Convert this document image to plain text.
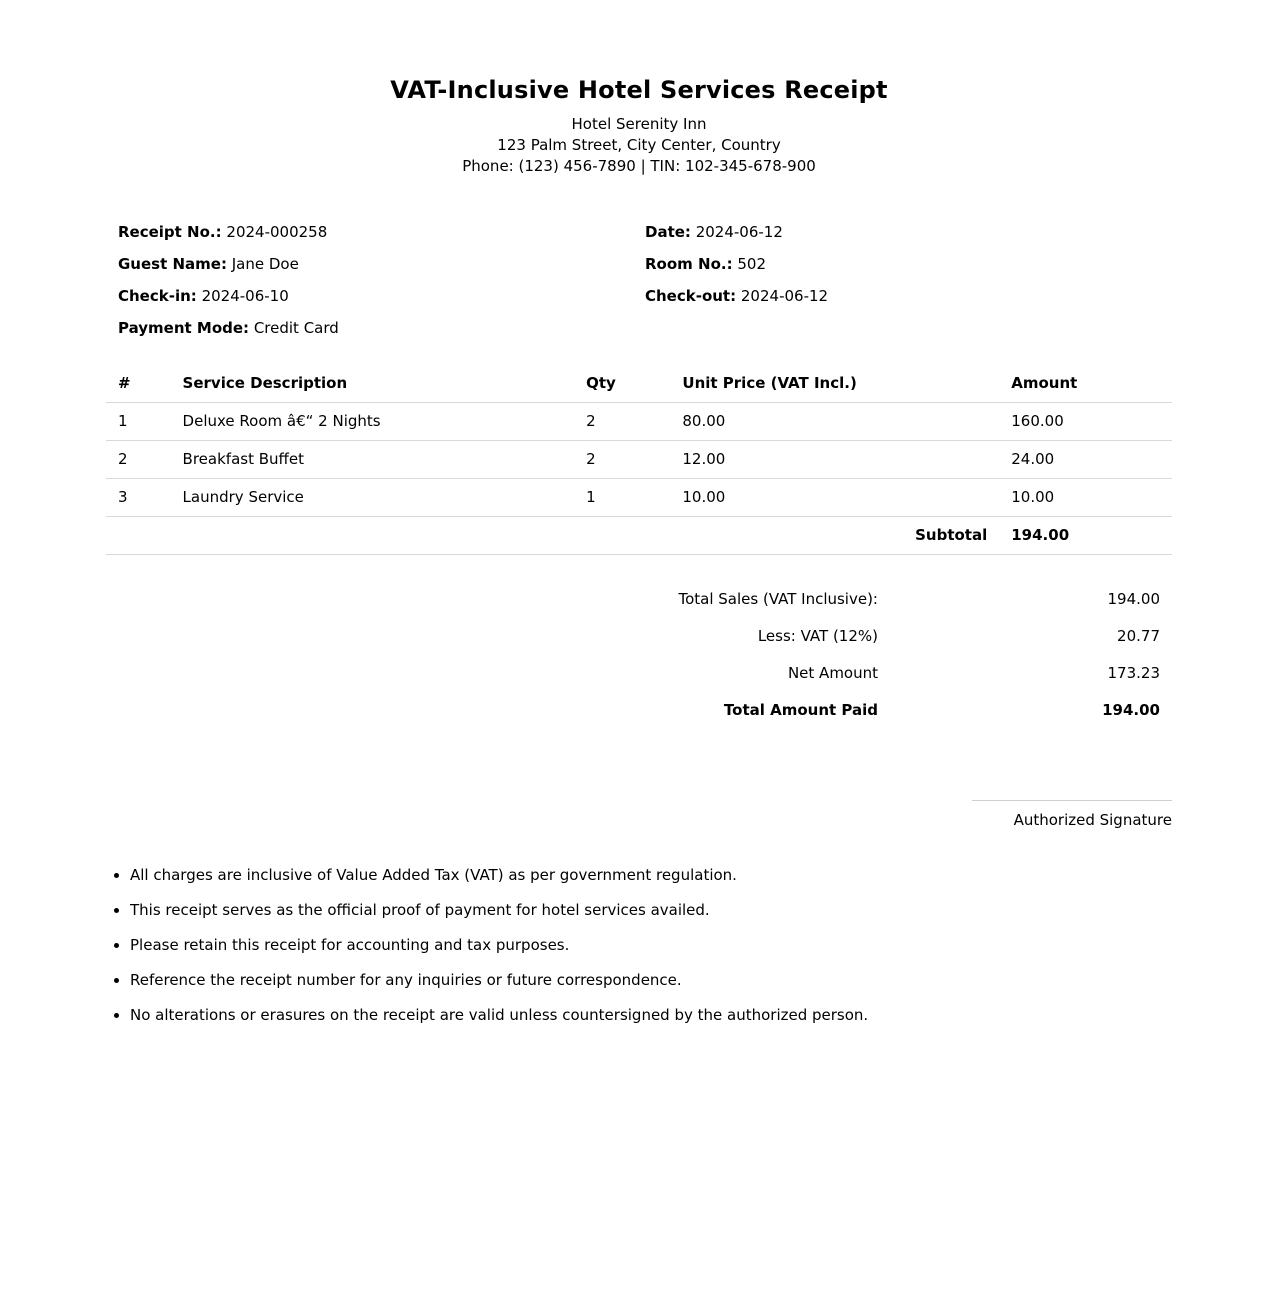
VAT-Inclusive Hotel Services Receipt
Hotel Serenity Inn
123 Palm Street, City Center, Country
Phone: (123) 456-7890 | TIN: 102-345-678-900
Receipt No.: 2024-000258	Date: 2024-06-12
Guest Name: Jane Doe	Room No.: 502
Check-in: 2024-06-10	Check-out: 2024-06-12
Payment Mode: Credit Card
#	Service Description	Qty	Unit Price (VAT Incl.)	Amount
1	Deluxe Room â€“ 2 Nights	2	80.00	160.00
2	Breakfast Buffet	2	12.00	24.00
3	Laundry Service	1	10.00	10.00
Subtotal				194.00
Total Sales (VAT Inclusive):	194.00
Less: VAT (12%)	20.77
Net Amount	173.23
Total Amount Paid	194.00
Authorized Signature
• All charges are inclusive of Value Added Tax (VAT) as per government regulation.
• This receipt serves as the official proof of payment for hotel services availed.
• Please retain this receipt for accounting and tax purposes.
• Reference the receipt number for any inquiries or future correspondence.
• No alterations or erasures on the receipt are valid unless countersigned by the authorized person.
